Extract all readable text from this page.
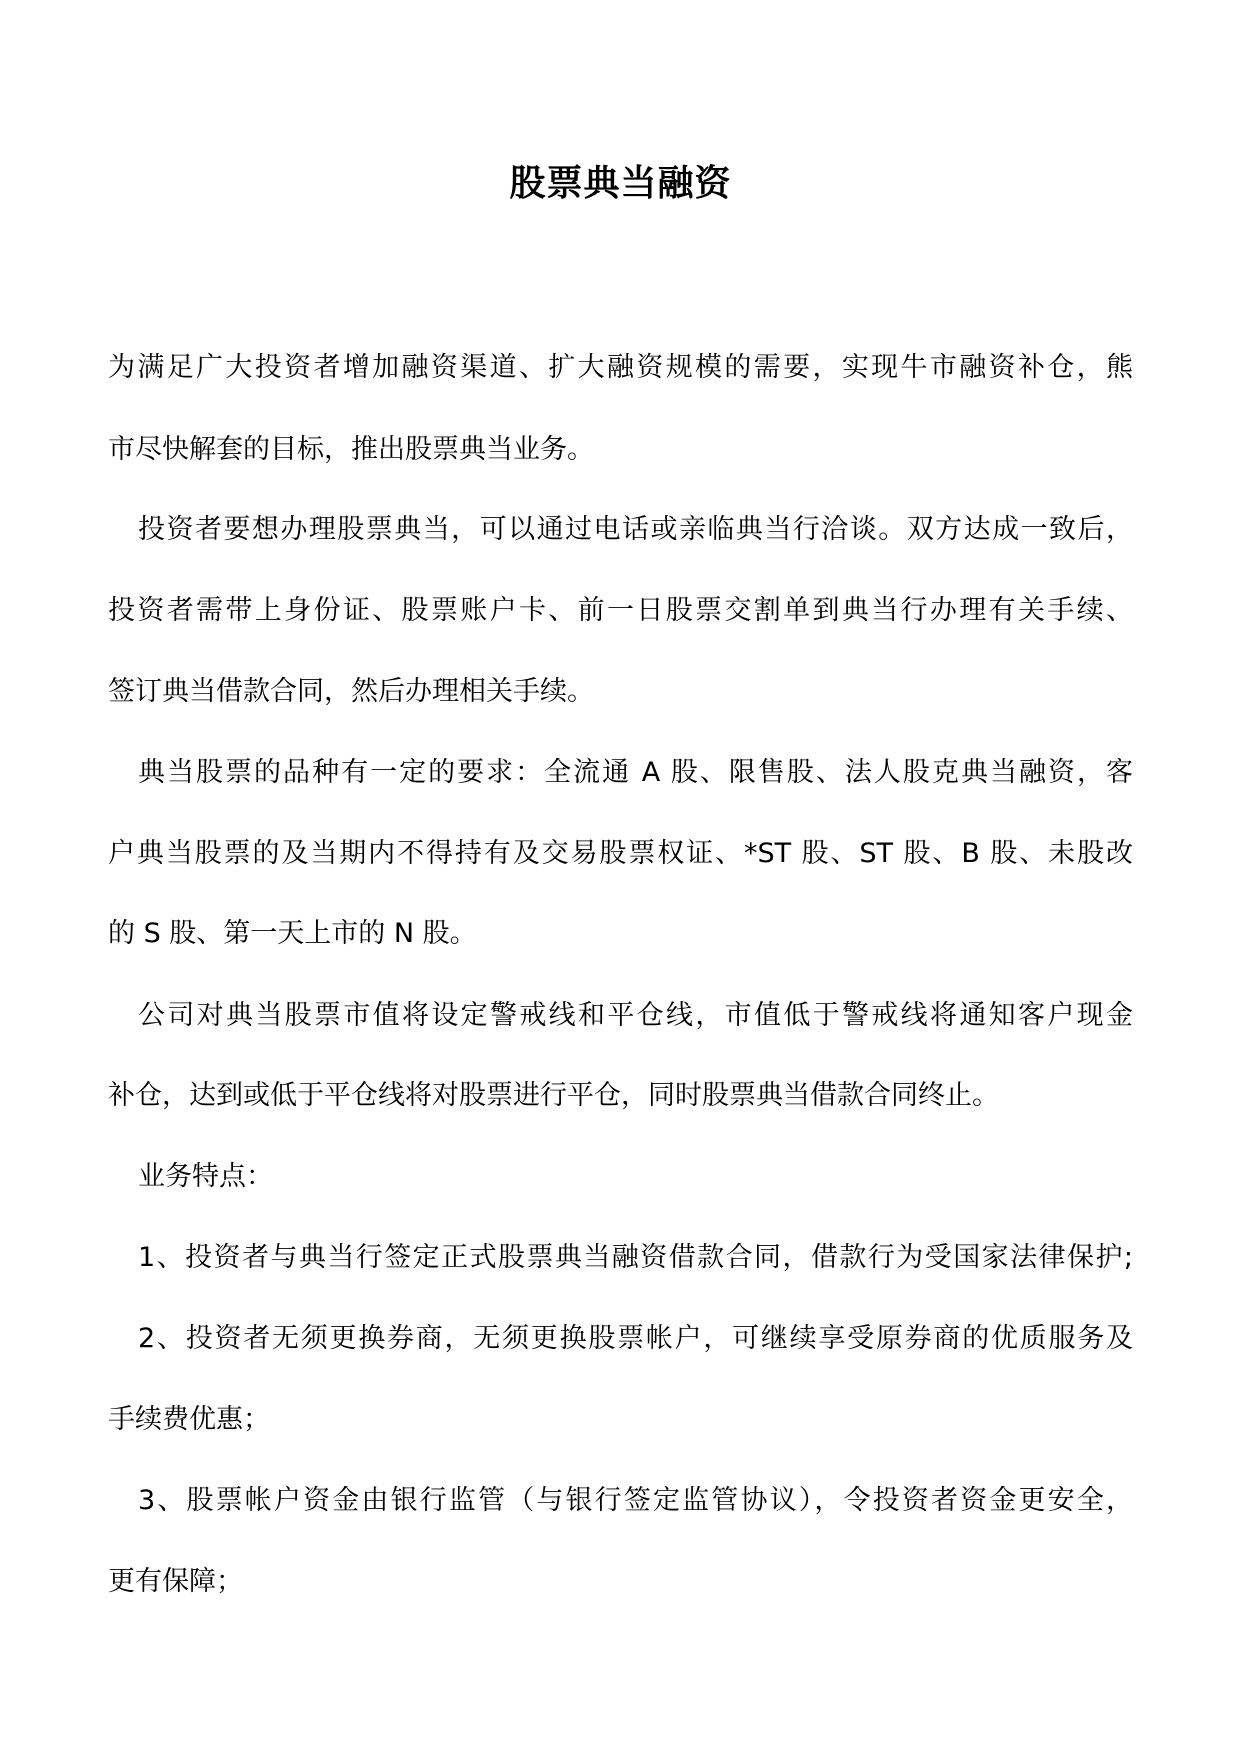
股票典当融资
为满足广大投资者增加融资渠道、扩大融资规模的需要，实现牛市融资补仓，熊
市尽快解套的目标，推出股票典当业务。
投资者要想办理股票典当，可以通过电话或亲临典当行洽谈。双方达成一致后，
投资者需带上身份证、股票账户卡、前一日股票交割单到典当行办理有关手续、
签订典当借款合同，然后办理相关手续。
典当股票的品种有一定的要求：全流通 A 股、限售股、法人股克典当融资，客
户典当股票的及当期内不得持有及交易股票权证、*ST 股、ST 股、B 股、未股改
的 S 股、第一天上市的 N 股。
公司对典当股票市值将设定警戒线和平仓线，市值低于警戒线将通知客户现金
补仓，达到或低于平仓线将对股票进行平仓，同时股票典当借款合同终止。
业务特点：
1、投资者与典当行签定正式股票典当融资借款合同，借款行为受国家法律保护;
2、投资者无须更换券商，无须更换股票帐户，可继续享受原券商的优质服务及
手续费优惠；
3、股票帐户资金由银行监管（与银行签定监管协议），令投资者资金更安全，
更有保障；
